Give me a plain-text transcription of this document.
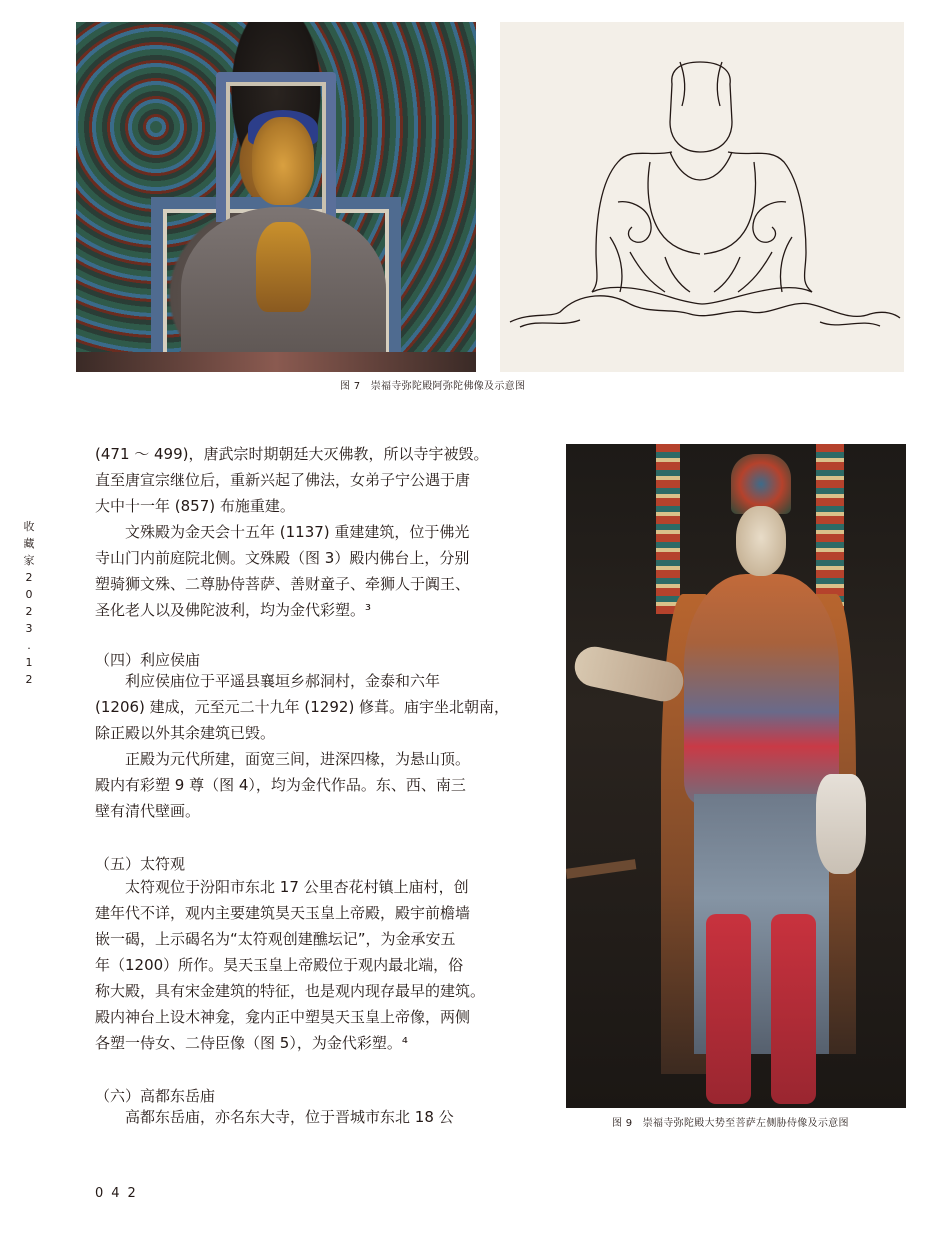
图 7　崇福寺弥陀殿阿弥陀佛像及示意图
图 9　崇福寺弥陀殿大势至菩萨左侧胁侍像及示意图
收
藏
家
2
0
2
3
.
1
2
(471 ～ 499)，唐武宗时期朝廷大灭佛教，所以寺宇被毁。
直至唐宣宗继位后，重新兴起了佛法，女弟子宁公遇于唐
大中十一年 (857) 布施重建。
　　文殊殿为金天会十五年 (1137) 重建建筑，位于佛光
寺山门内前庭院北侧。文殊殿（图 3）殿内佛台上，分别
塑骑狮文殊、二尊胁侍菩萨、善财童子、牵狮人于阗王、
圣化老人以及佛陀波利，均为金代彩塑。³
（四）利应侯庙
　　利应侯庙位于平遥县襄垣乡郝洞村，金泰和六年
(1206) 建成，元至元二十九年 (1292) 修葺。庙宇坐北朝南，
除正殿以外其余建筑已毁。
　　正殿为元代所建，面宽三间，进深四椽，为悬山顶。
殿内有彩塑 9 尊（图 4），均为金代作品。东、西、南三
壁有清代壁画。
（五）太符观
　　太符观位于汾阳市东北 17 公里杏花村镇上庙村，创
建年代不详，观内主要建筑昊天玉皇上帝殿，殿宇前檐墙
嵌一碣，上示碣名为“太符观创建醮坛记”，为金承安五
年（1200）所作。昊天玉皇上帝殿位于观内最北端，俗
称大殿，具有宋金建筑的特征，也是观内现存最早的建筑。
殿内神台上设木神龛，龛内正中塑昊天玉皇上帝像，两侧
各塑一侍女、二侍臣像（图 5），为金代彩塑。⁴
（六）高都东岳庙
　　高都东岳庙，亦名东大寺，位于晋城市东北 18 公
042
